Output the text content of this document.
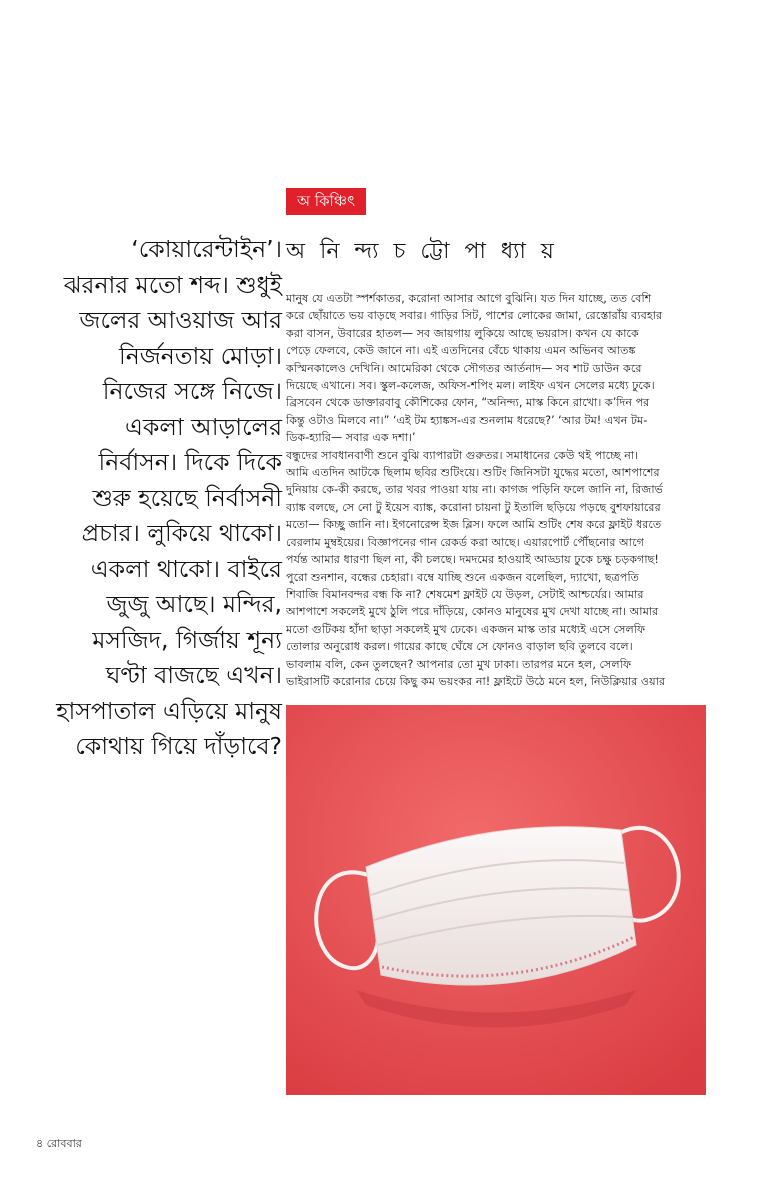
অ কিঞ্চিৎ
‘কোয়ারেন্টাইন’।
ঝরনার মতো শব্দ। শুধুই
জলের আওয়াজ আর
নির্জনতায় মোড়া।
নিজের সঙ্গে নিজে।
একলা আড়ালের
নির্বাসন। দিকে দিকে
শুরু হয়েছে নির্বাসনী
প্রচার। লুকিয়ে থাকো।
একলা থাকো। বাইরে
জুজু আছে। মন্দির,
মসজিদ, গির্জায় শূন্য
ঘণ্টা বাজছে এখন।
হাসপাতাল এড়িয়ে মানুষ
কোথায় গিয়ে দাঁড়াবে?
অ নি ন্দ্য চ ট্টো পা ধ্যা য়
মানুষ যে এতটা স্পর্শকাতর, করোনা আসার আগে বুঝিনি। যত দিন যাচ্ছে, তত বেশি
করে ছোঁয়াতে ভয় বাড়ছে সবার। গাড়ির সিট, পাশের লোকের জামা, রেস্তোরাঁয় ব্যবহার
করা বাসন, উবারের হাতল— সব জায়গায় লুকিয়ে আছে ভয়রাস। কখন যে কাকে
পেড়ে ফেলবে, কেউ জানে না। এই এতদিনের বেঁচে থাকায় এমন অভিনব আতঙ্ক
কস্মিনকালেও দেখিনি। আমেরিকা থেকে সৌগতর আর্তনাদ— সব শাট ডাউন করে
দিয়েছে এখানে। সব। স্কুল-কলেজ, অফিস-শপিং মল। লাইফ এখন সেলের মধ্যে ঢুকে।
ব্রিসবেন থেকে ডাক্তারবাবু কৌশিকের ফোন, “অনিন্দ্য, মাস্ক কিনে রাখো। ক’দিন পর
কিন্তু ওটাও মিলবে না।” ‘এই টম হ্যাঙ্কস-এর শুনলাম ধরেছে?’ ‘আর টম! এখন টম-
ডিক-হ্যারি— সবার এক দশা।’
বন্ধুদের সাবধানবাণী শুনে বুঝি ব্যাপারটা গুরুতর। সমাধানের কেউ থই পাচ্ছে না।
আমি এতদিন আটকে ছিলাম ছবির শুটিংয়ে। শুটিং জিনিসটা যুদ্ধের মতো, আশপাশের
দুনিয়ায় কে-কী করছে, তার খবর পাওয়া যায় না। কাগজ পড়িনি ফলে জানি না, রিজার্ভ
ব্যাঙ্ক বলছে, সে নো টু ইয়েস ব্যাঙ্ক, করোনা চায়না টু ইতালি ছড়িয়ে পড়ছে বুশফায়ারের
মতো— কিচ্ছু জানি না। ইগনোরেন্স ইজ ব্লিস। ফলে আমি শুটিং শেষ করে ফ্লাইট ধরতে
বেরলাম মুম্বইয়ের। বিজ্ঞাপনের গান রেকর্ড করা আছে। এয়ারপোর্ট পৌঁছনোর আগে
পর্যন্ত আমার ধারণা ছিল না, কী চলছে। দমদমের হাওয়াই আড্ডায় ঢুকে চক্ষু চড়কগাছ!
পুরো শুনশান, বন্ধের চেহারা। বম্বে যাচ্ছি শুনে একজন বলেছিল, দ্যাখো, ছত্রপতি
শিবাজি বিমানবন্দর বন্ধ কি না? শেষমেশ ফ্লাইট যে উড়ল, সেটাই আশ্চর্যের। আমার
আশপাশে সকলেই মুখে ঠুলি পরে দাঁড়িয়ে, কোনও মানুষের মুখ দেখা যাচ্ছে না। আমার
মতো গুটিকয় হাঁদা ছাড়া সকলেই মুখ ঢেকে। একজন মাস্ক তার মধ্যেই এসে সেলফি
তোলার অনুরোধ করল। গায়ের কাছে ঘেঁষে সে ফোনও বাড়াল ছবি তুলবে বলে।
ভাবলাম বলি, কেন তুলছেন? আপনার তো মুখ ঢাকা। তারপর মনে হল, সেলফি
ভাইরাসটি করোনার চেয়ে কিছু কম ভয়ংকর না! ফ্লাইটে উঠে মনে হল, নিউক্লিয়ার ওয়ার
৪ রোববার
